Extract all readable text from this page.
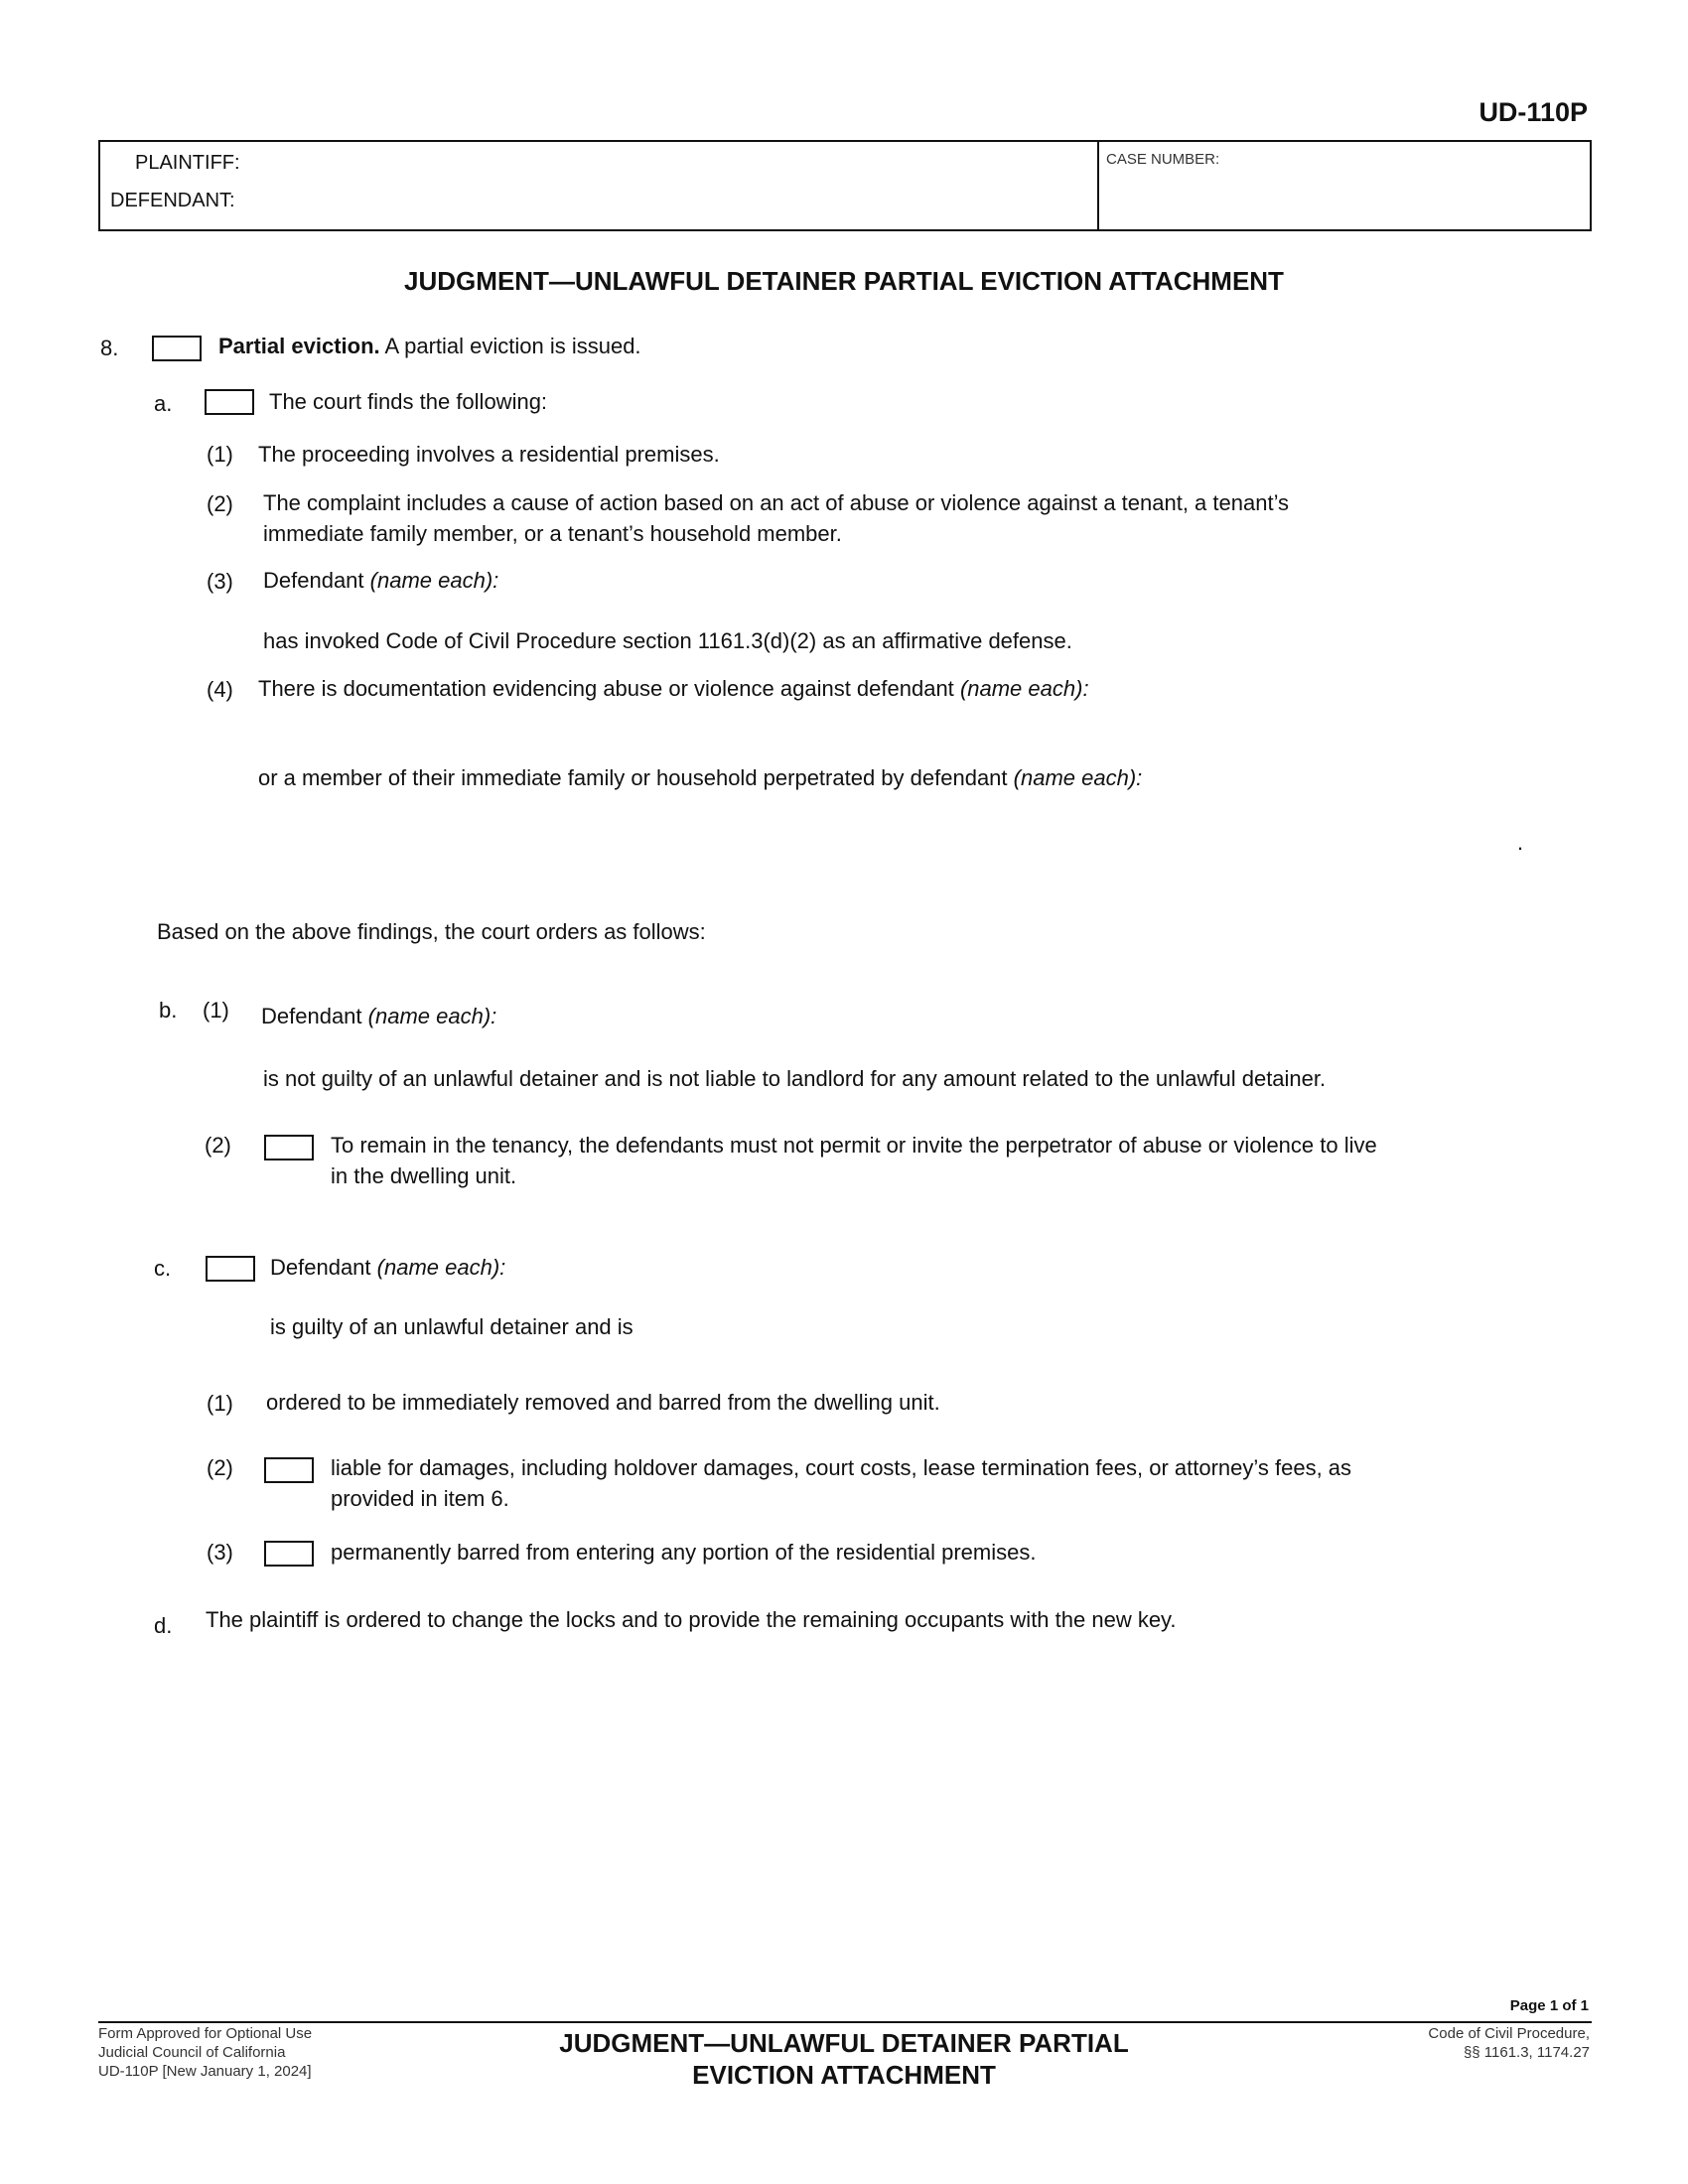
UD-110P
PLAINTIFF:
DEFENDANT:
CASE NUMBER:
JUDGMENT—UNLAWFUL DETAINER PARTIAL EVICTION ATTACHMENT
8.	Partial eviction. A partial eviction is issued.
a.	The court finds the following:
(1) The proceeding involves a residential premises.
(2) The complaint includes a cause of action based on an act of abuse or violence against a tenant, a tenant’s
immediate family member, or a tenant’s household member.
(3) Defendant (name each):
has invoked Code of Civil Procedure section 1161.3(d)(2) as an affirmative defense.
(4) There is documentation evidencing abuse or violence against defendant (name each):
or a member of their immediate family or household perpetrated by defendant (name each):
.
Based on the above findings, the court orders as follows:
b. (1) Defendant (name each):
is not guilty of an unlawful detainer and is not liable to landlord for any amount related to the unlawful detainer.
(2)	To remain in the tenancy, the defendants must not permit or invite the perpetrator of abuse or violence to live
in the dwelling unit.
c.	Defendant (name each):
is guilty of an unlawful detainer and is
(1) ordered to be immediately removed and barred from the dwelling unit.
(2)	liable for damages, including holdover damages, court costs, lease termination fees, or attorney’s fees, as
provided in item 6.
(3)	permanently barred from entering any portion of the residential premises.
d. The plaintiff is ordered to change the locks and to provide the remaining occupants with the new key.
Page 1 of 1
Form Approved for Optional Use
Judicial Council of California
UD-110P [New January 1, 2024]
JUDGMENT—UNLAWFUL DETAINER PARTIAL
EVICTION ATTACHMENT
Code of Civil Procedure,
§§ 1161.3, 1174.27
